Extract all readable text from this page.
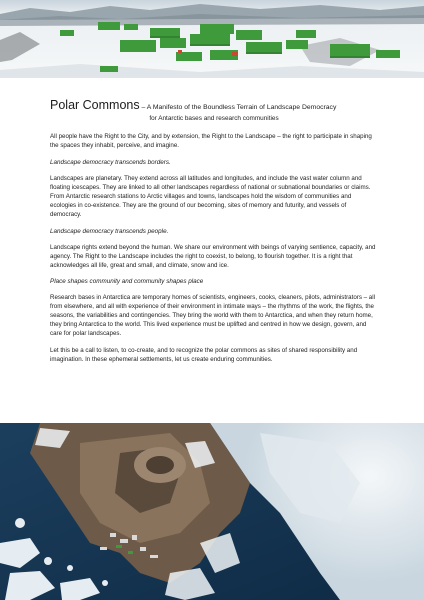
Polar Commons – A Manifesto of the Boundless Terrain of Landscape Democracy

for Antarctic bases and research communities

All people have the Right to the City, and by extension, the Right to the Landscape – the right to participate in shaping the spaces they inhabit, perceive, and imagine.

Landscape democracy transcends borders.

Landscapes are planetary. They extend across all latitudes and longitudes, and include the vast water column and floating icescapes. They are linked to all other landscapes regardless of national or subnational boundaries or claims. From Antarctic research stations to Arctic villages and towns, landscapes hold the wisdom of communities and ecologies in co-existence. They are the ground of our becoming, sites of memory and futurity, and vessels of democracy.

Landscape democracy transcends people.

Landscape rights extend beyond the human. We share our environment with beings of varying sentience, capacity, and agency. The Right to the Landscape includes the right to coexist, to belong, to flourish together. It is a right that acknowledges all life, great and small, and climate, snow and ice.

Place shapes community and community shapes place

Research bases in Antarctica are temporary homes of scientists, engineers, cooks, cleaners, pilots, administrators – all from elsewhere, and all with experience of their environment in intimate ways – the rhythms of the work, the flights, the seasons, the variabilities and contingencies. They bring the world with them to Antarctica, and when they return home, they bring Antarctica to the world. This lived experience must be uplifted and centred in how we design, govern, and care for polar landscapes.

Let this be a call to listen, to co-create, and to recognize the polar commons as sites of shared responsibility and imagination. In these ephemeral settlements, let us create enduring communities.
